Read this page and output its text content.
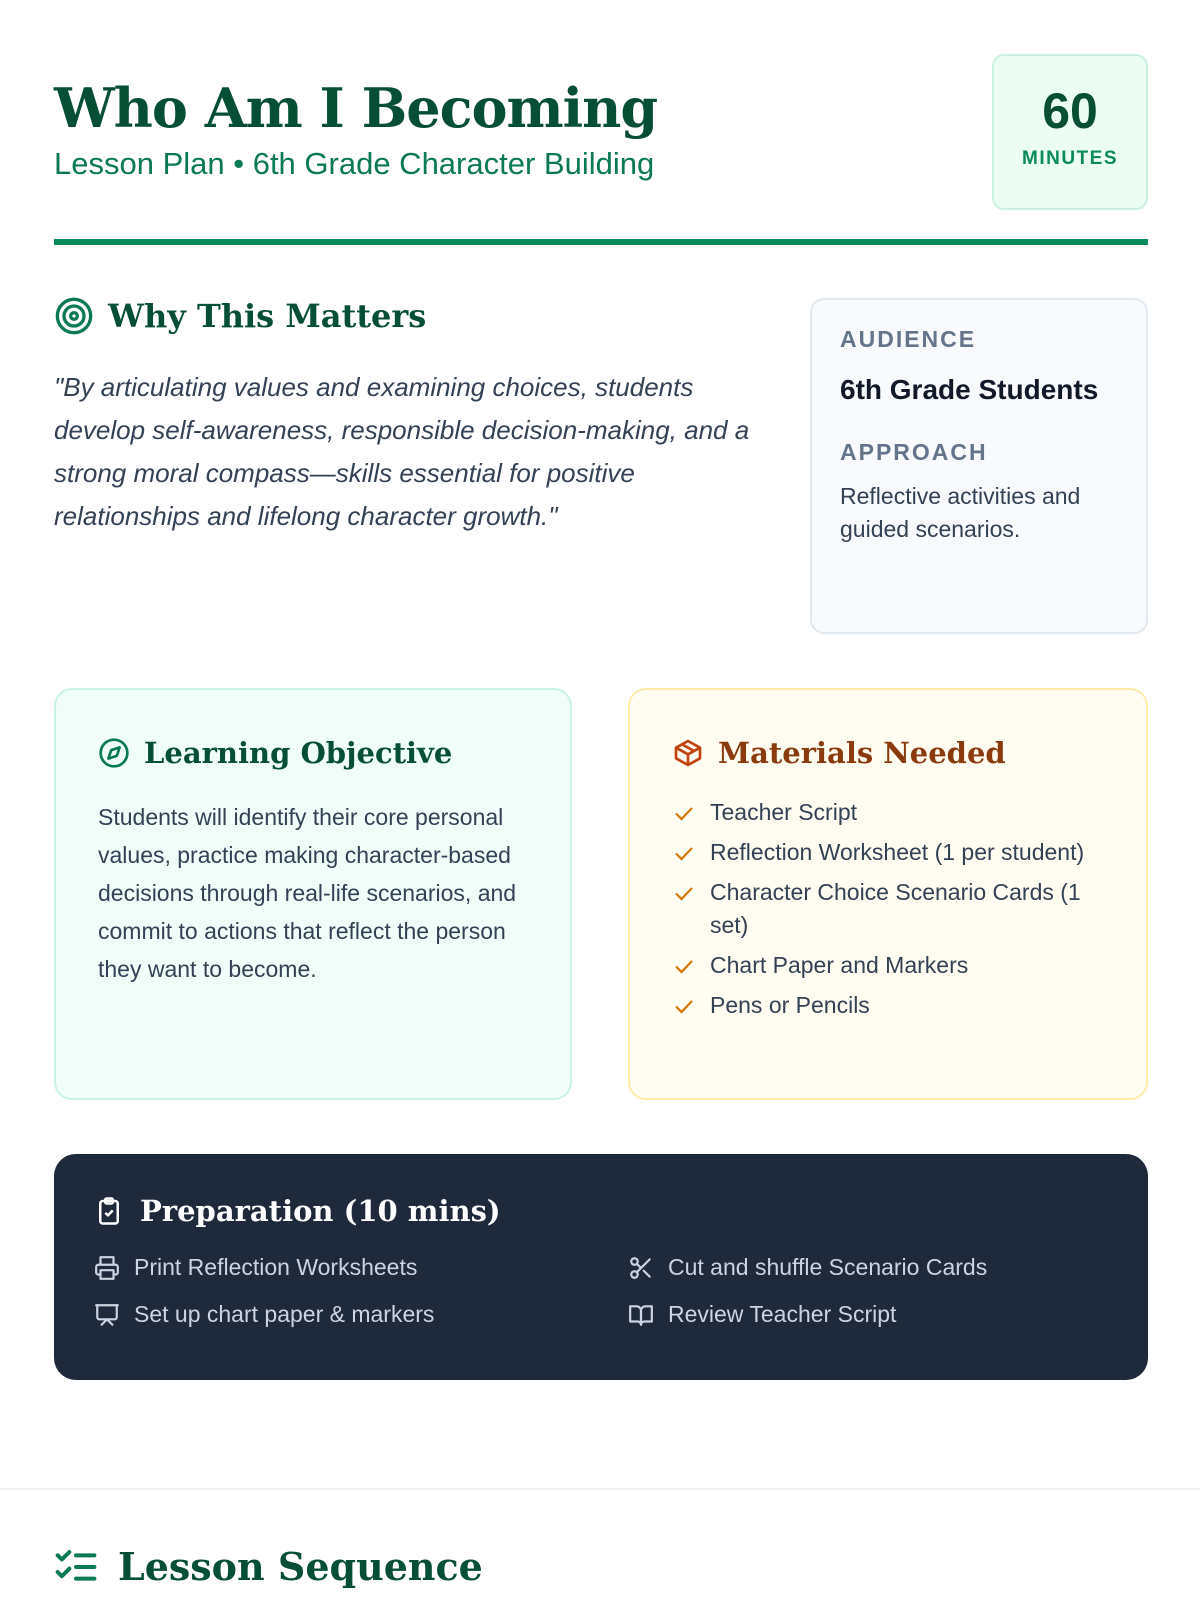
Who Am I Becoming
Lesson Plan • 6th Grade Character Building
60
MINUTES
Why This Matters

"By articulating values and examining choices, students develop self-awareness, responsible decision-making, and a strong moral compass—skills essential for positive relationships and lifelong character growth."

AUDIENCE
6th Grade Students
APPROACH
Reflective activities and guided scenarios.
Learning Objective

Students will identify their core personal values, practice making character-based decisions through real-life scenarios, and commit to actions that reflect the person they want to become.

Materials Needed
Teacher Script
Reflection Worksheet (1 per student)
Character Choice Scenario Cards (1 set)
Chart Paper and Markers
Pens or Pencils
Preparation (10 mins)
Print Reflection Worksheets	Cut and shuffle Scenario Cards
Set up chart paper & markers	Review Teacher Script
Lesson Sequence
